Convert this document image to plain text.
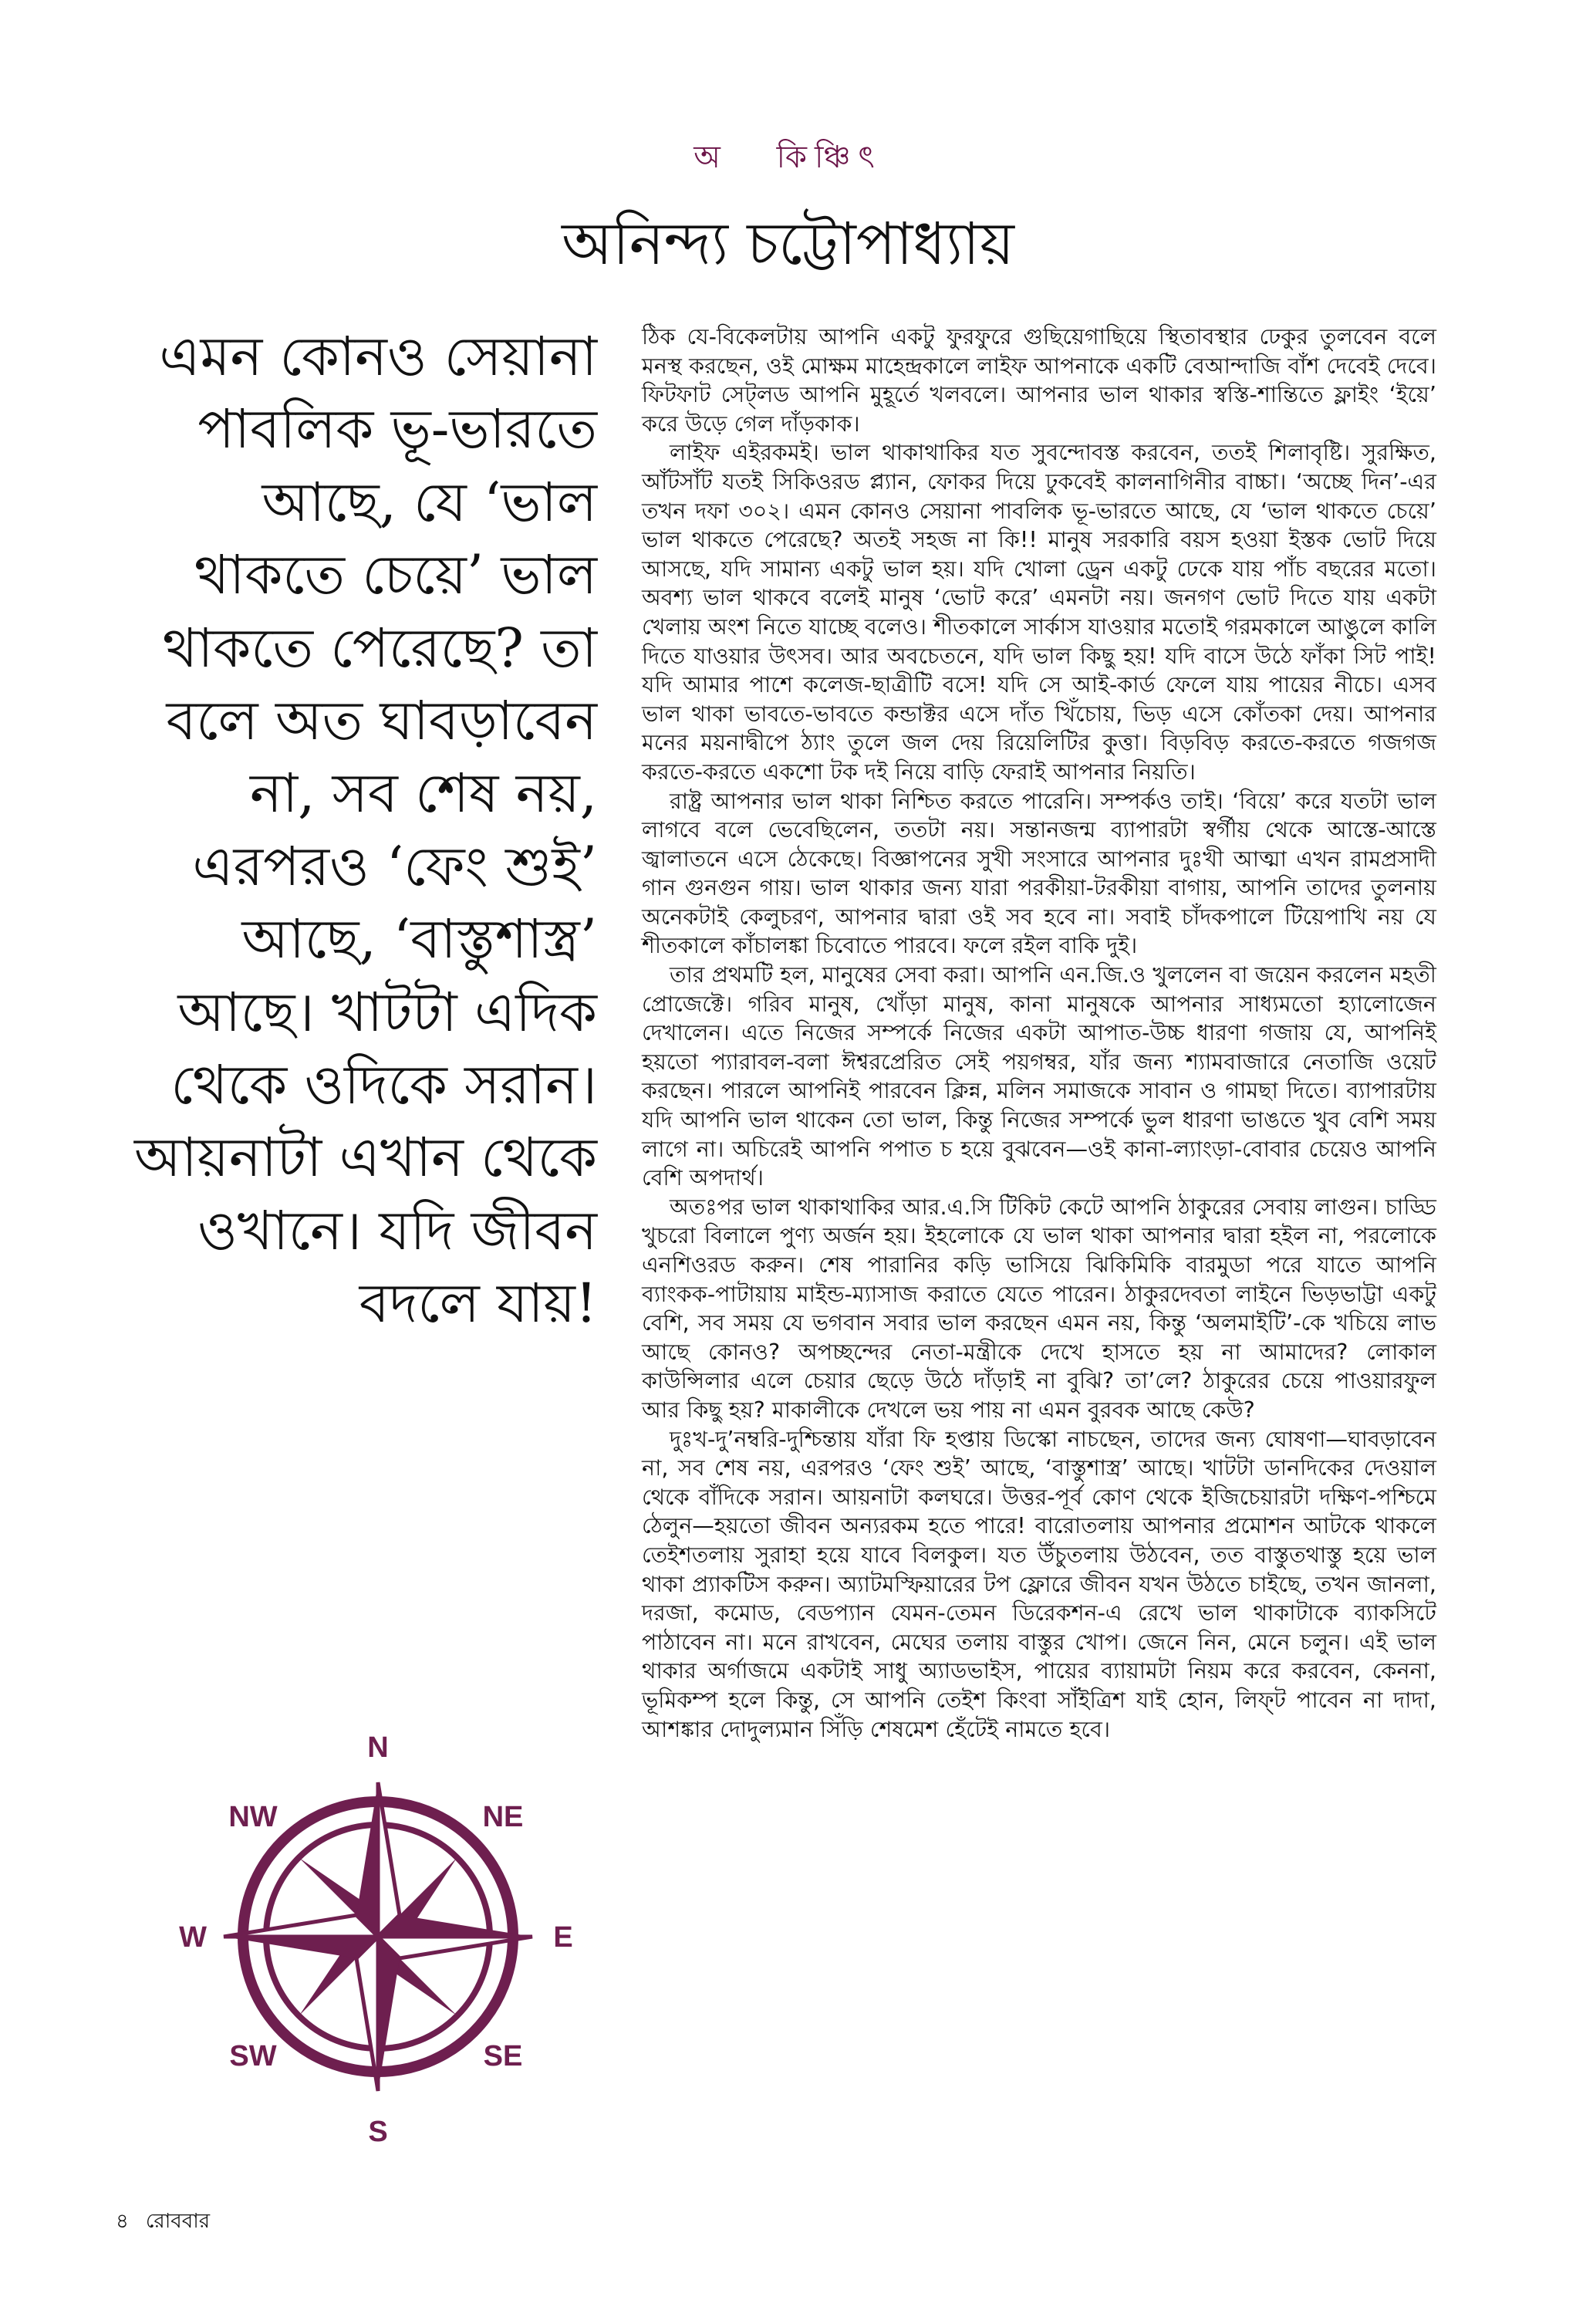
অ কিঞ্চিৎ
অনিন্দ্য চট্টোপাধ্যায়
এমন কোনও সেয়ানা পাবলিক ভূ-ভারতে আছে, যে ‘ভাল থাকতে চেয়ে’ ভাল থাকতে পেরেছে? তা বলে অত ঘাবড়াবেন না, সব শেষ নয়, এরপরও ‘ফেং শুই’ আছে, ‘বাস্তুশাস্ত্র’ আছে। খাটটা এদিক থেকে ওদিকে সরান। আয়নাটা এখান থেকে ওখানে। যদি জীবন বদলে যায়!

ঠিক যে-বিকেলটায় আপনি একটু ফুরফুরে গুছিয়েগাছিয়ে স্থিতাবস্থার ঢেকুর তুলবেন বলে মনস্থ করছেন, ওই মোক্ষম মাহেন্দ্রকালে লাইফ আপনাকে একটি বেআন্দাজি বাঁশ দেবেই দেবে। ফিটফাট সেট্‌লড আপনি মুহূর্তে খলবলে। আপনার ভাল থাকার স্বস্তি-শান্তিতে ফ্লাইং ‘ইয়ে’ করে উড়ে গেল দাঁড়কাক।

লাইফ এইরকমই। ভাল থাকাথাকির যত সুবন্দোবস্ত করবেন, ততই শিলাবৃষ্টি। সুরক্ষিত, আঁটসাঁট যতই সিকিওরড প্ল্যান, ফোকর দিয়ে ঢুকবেই কালনাগিনীর বাচ্চা। ‘অচ্ছে দিন’-এর তখন দফা ৩০২। এমন কোনও সেয়ানা পাবলিক ভূ-ভারতে আছে, যে ‘ভাল থাকতে চেয়ে’ ভাল থাকতে পেরেছে? অতই সহজ না কি!! মানুষ সরকারি বয়স হওয়া ইস্তক ভোট দিয়ে আসছে, যদি সামান্য একটু ভাল হয়। যদি খোলা ড্রেন একটু ঢেকে যায় পাঁচ বছরের মতো। অবশ্য ভাল থাকবে বলেই মানুষ ‘ভোট করে’ এমনটা নয়। জনগণ ভোট দিতে যায় একটা খেলায় অংশ নিতে যাচ্ছে বলেও। শীতকালে সার্কাস যাওয়ার মতোই গরমকালে আঙুলে কালি দিতে যাওয়ার উৎসব। আর অবচেতনে, যদি ভাল কিছু হয়! যদি বাসে উঠে ফাঁকা সিট পাই! যদি আমার পাশে কলেজ-ছাত্রীটি বসে! যদি সে আই-কার্ড ফেলে যায় পায়ের নীচে। এসব ভাল থাকা ভাবতে-ভাবতে কন্ডাক্টর এসে দাঁত খিঁচোয়, ভিড় এসে কোঁতকা দেয়। আপনার মনের ময়নাদ্বীপে ঠ্যাং তুলে জল দেয় রিয়েলিটির কুত্তা। বিড়বিড় করতে-করতে গজগজ করতে-করতে একশো টক দই নিয়ে বাড়ি ফেরাই আপনার নিয়তি।

রাষ্ট্র আপনার ভাল থাকা নিশ্চিত করতে পারেনি। সম্পর্কও তাই। ‘বিয়ে’ করে যতটা ভাল লাগবে বলে ভেবেছিলেন, ততটা নয়। সন্তানজন্ম ব্যাপারটা স্বর্গীয় থেকে আস্তে-আস্তে জ্বালাতনে এসে ঠেকেছে। বিজ্ঞাপনের সুখী সংসারে আপনার দুঃখী আত্মা এখন রামপ্রসাদী গান গুনগুন গায়। ভাল থাকার জন্য যারা পরকীয়া-টরকীয়া বাগায়, আপনি তাদের তুলনায় অনেকটাই কেলুচরণ, আপনার দ্বারা ওই সব হবে না। সবাই চাঁদকপালে টিয়েপাখি নয় যে শীতকালে কাঁচালঙ্কা চিবোতে পারবে। ফলে রইল বাকি দুই।

তার প্রথমটি হল, মানুষের সেবা করা। আপনি এন.জি.ও খুললেন বা জয়েন করলেন মহতী প্রোজেক্টে। গরিব মানুষ, খোঁড়া মানুষ, কানা মানুষকে আপনার সাধ্যমতো হ্যালোজেন দেখালেন। এতে নিজের সম্পর্কে নিজের একটা আপাত-উচ্চ ধারণা গজায় যে, আপনিই হয়তো প্যারাবল-বলা ঈশ্বরপ্রেরিত সেই পয়গম্বর, যাঁর জন্য শ্যামবাজারে নেতাজি ওয়েট করছেন। পারলে আপনিই পারবেন ক্লিন্ন, মলিন সমাজকে সাবান ও গামছা দিতে। ব্যাপারটায় যদি আপনি ভাল থাকেন তো ভাল, কিন্তু নিজের সম্পর্কে ভুল ধারণা ভাঙতে খুব বেশি সময় লাগে না। অচিরেই আপনি পপাত চ হয়ে বুঝবেন—ওই কানা-ল্যাংড়া-বোবার চেয়েও আপনি বেশি অপদার্থ।

অতঃপর ভাল থাকাথাকির আর.এ.সি টিকিট কেটে আপনি ঠাকুরের সেবায় লাগুন। চাড্ডি খুচরো বিলালে পুণ্য অর্জন হয়। ইহলোকে যে ভাল থাকা আপনার দ্বারা হইল না, পরলোকে এনশিওরড করুন। শেষ পারানির কড়ি ভাসিয়ে ঝিকিমিকি বারমুডা পরে যাতে আপনি ব্যাংকক-পাটায়ায় মাইন্ড-ম্যাসাজ করাতে যেতে পারেন। ঠাকুরদেবতা লাইনে ভিড়ভাট্টা একটু বেশি, সব সময় যে ভগবান সবার ভাল করছেন এমন নয়, কিন্তু ‘অলমাইটি’-কে খচিয়ে লাভ আছে কোনও? অপচ্ছন্দের নেতা-মন্ত্রীকে দেখে হাসতে হয় না আমাদের? লোকাল কাউন্সিলার এলে চেয়ার ছেড়ে উঠে দাঁড়াই না বুঝি? তা’লে? ঠাকুরের চেয়ে পাওয়ারফুল আর কিছু হয়? মাকালীকে দেখলে ভয় পায় না এমন বুরবক আছে কেউ?

দুঃখ-দু’নম্বরি-দুশ্চিন্তায় যাঁরা ফি হপ্তায় ডিস্কো নাচছেন, তাদের জন্য ঘোষণা—ঘাবড়াবেন না, সব শেষ নয়, এরপরও ‘ফেং শুই’ আছে, ‘বাস্তুশাস্ত্র’ আছে। খাটটা ডানদিকের দেওয়াল থেকে বাঁদিকে সরান। আয়নাটা কলঘরে। উত্তর-পূর্ব কোণ থেকে ইজিচেয়ারটা দক্ষিণ-পশ্চিমে ঠেলুন—হয়তো জীবন অন্যরকম হতে পারে! বারোতলায় আপনার প্রমোশন আটকে থাকলে তেইশতলায় সুরাহা হয়ে যাবে বিলকুল। যত উঁচুতলায় উঠবেন, তত বাস্তুতথাস্তু হয়ে ভাল থাকা প্র্যাকটিস করুন। অ্যাটমস্ফিয়ারের টপ ফ্লোরে জীবন যখন উঠতে চাইছে, তখন জানলা, দরজা, কমোড, বেডপ্যান যেমন-তেমন ডিরেকশন-এ রেখে ভাল থাকাটাকে ব্যাকসিটে পাঠাবেন না। মনে রাখবেন, মেঘের তলায় বাস্তুর খোপ। জেনে নিন, মেনে চলুন। এই ভাল থাকার অর্গাজমে একটাই সাধু অ্যাডভাইস, পায়ের ব্যায়ামটা নিয়ম করে করবেন, কেননা, ভূমিকম্প হলে কিন্তু, সে আপনি তেইশ কিংবা সাঁইত্রিশ যাই হোন, লিফ্‌ট পাবেন না দাদা, আশঙ্কার দোদুল্যমান সিঁড়ি শেষমেশ হেঁটেই নামতে হবে।

N
NE
E
SE
S
SW
W
NW
৪ রোববার
